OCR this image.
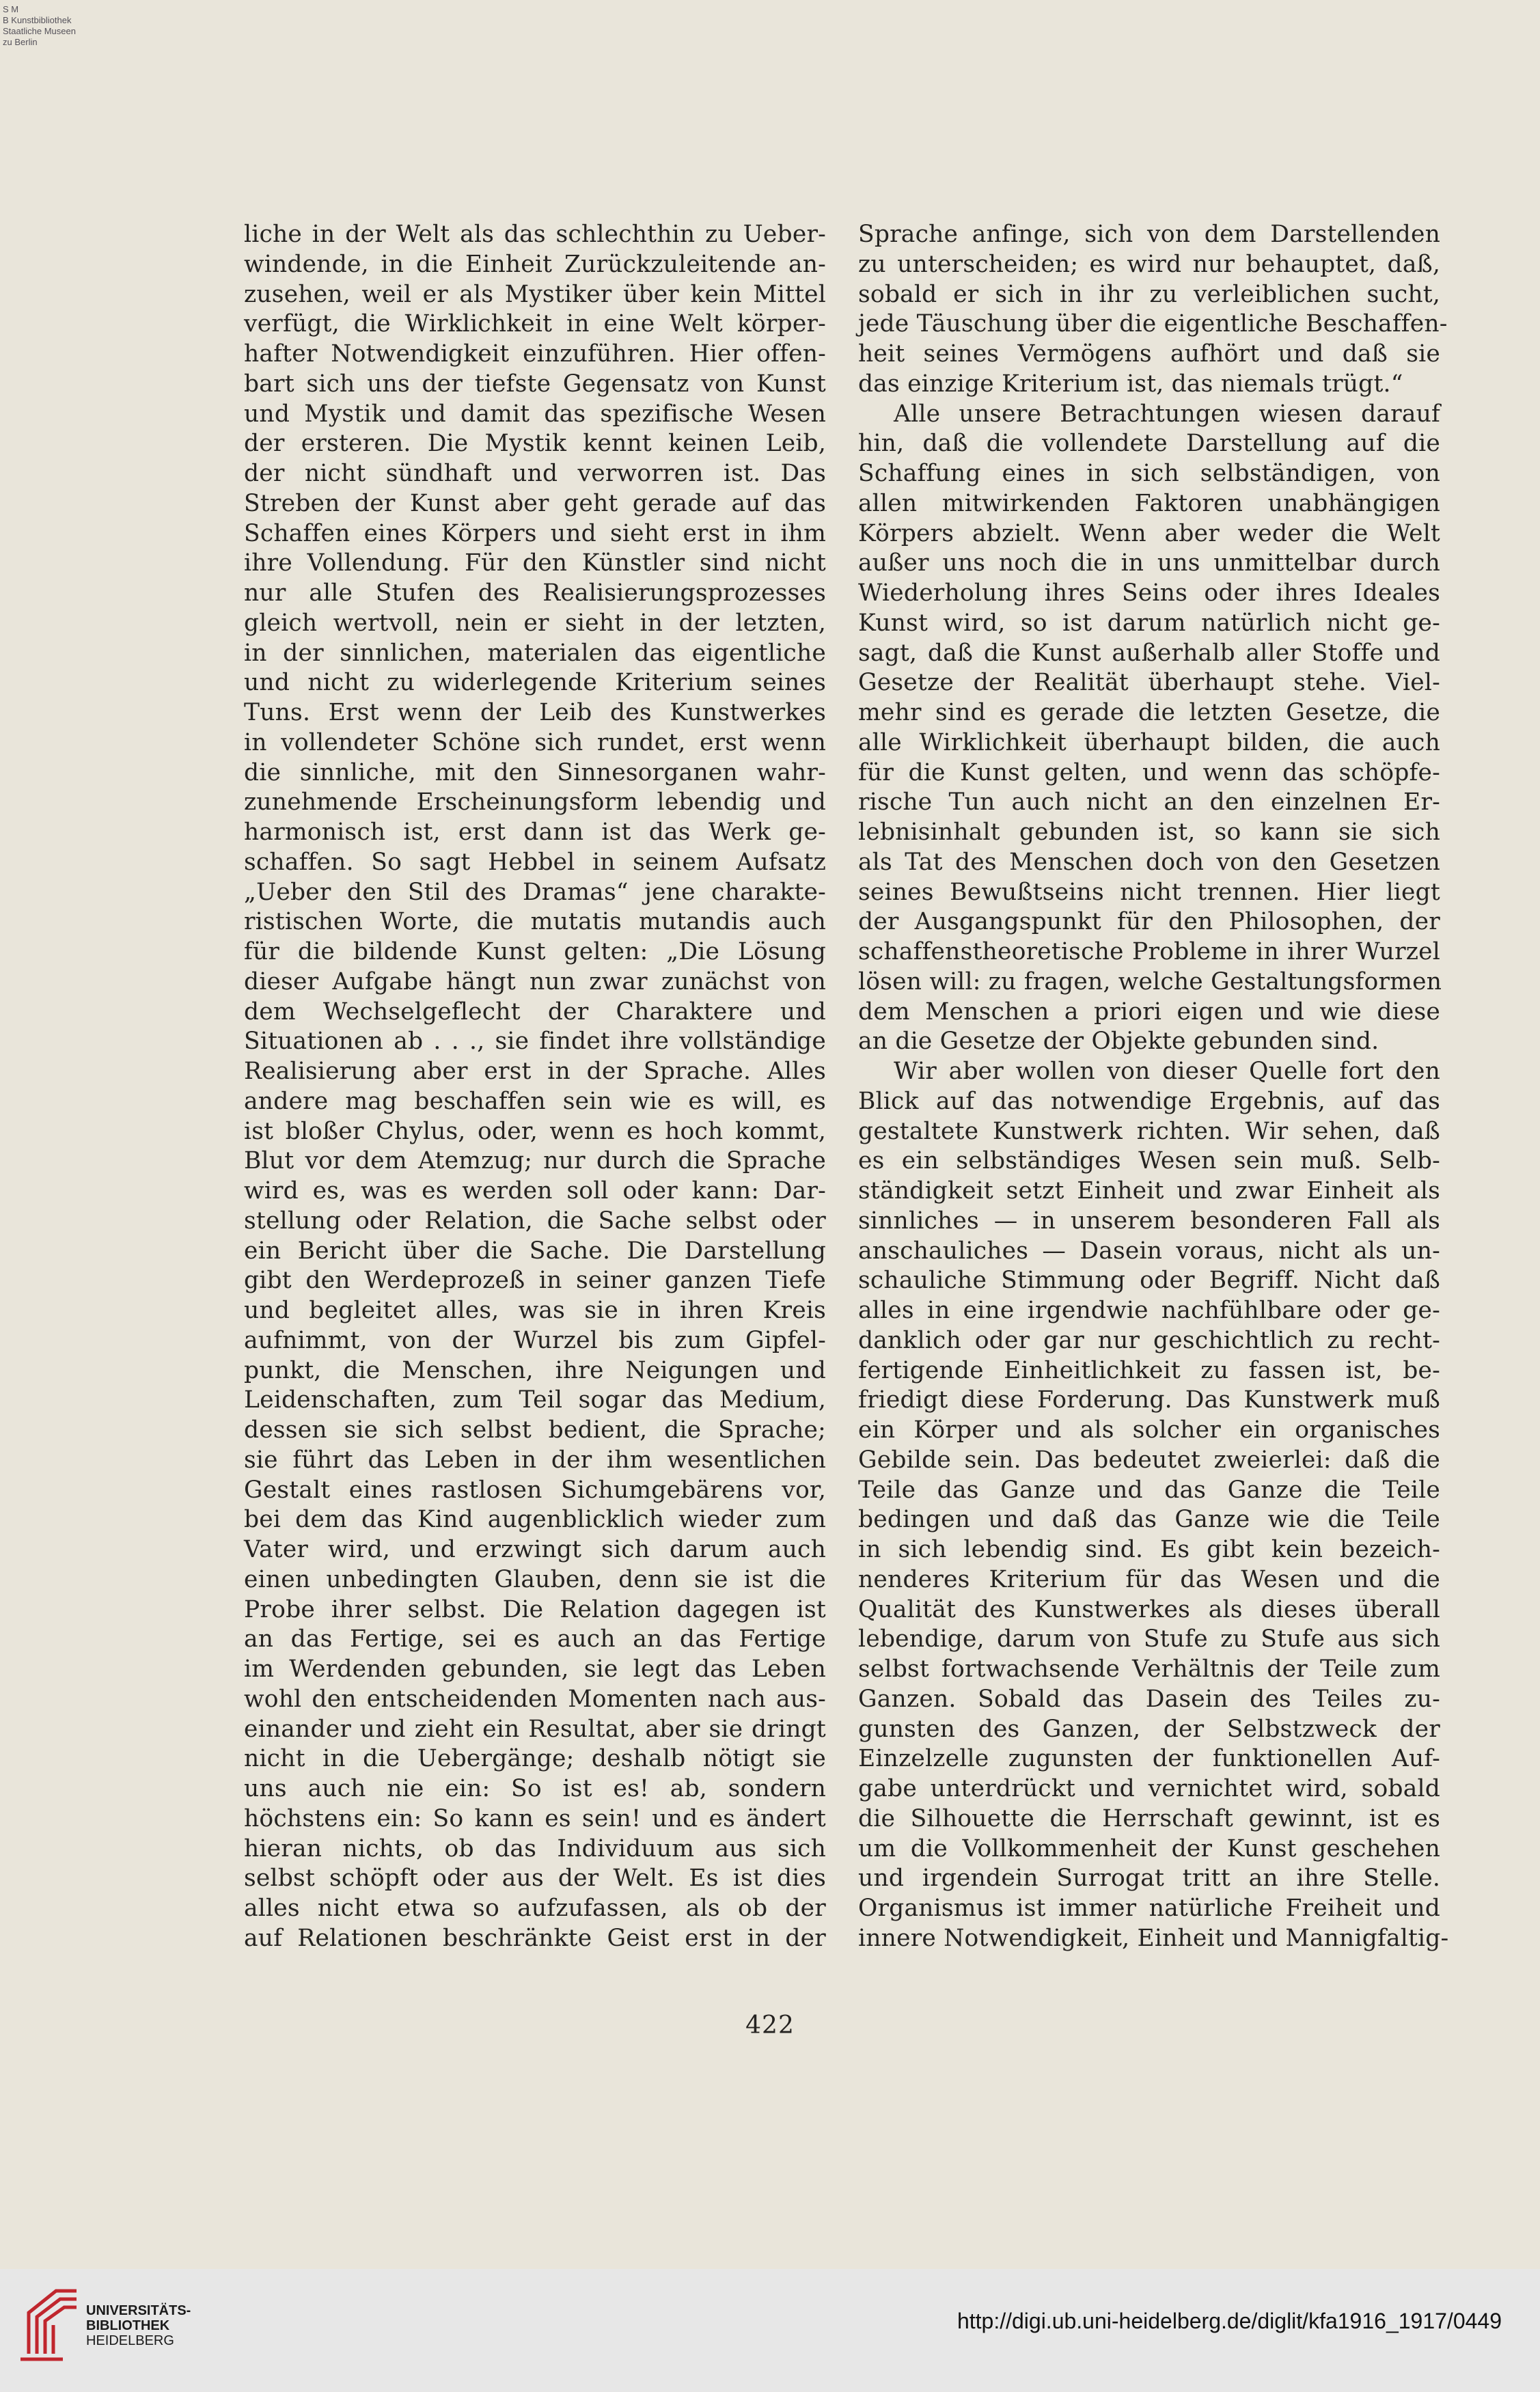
S M
B Kunstbibliothek
Staatliche Museen
zu Berlin
liche in der Welt als das schlechthin zu Ueber-
windende, in die Einheit Zurückzuleitende an-
zusehen, weil er als Mystiker über kein Mittel
verfügt, die Wirklichkeit in eine Welt körper-
hafter Notwendigkeit einzuführen. Hier offen-
bart sich uns der tiefste Gegensatz von Kunst
und Mystik und damit das spezifische Wesen
der ersteren. Die Mystik kennt keinen Leib,
der nicht sündhaft und verworren ist. Das
Streben der Kunst aber geht gerade auf das
Schaffen eines Körpers und sieht erst in ihm
ihre Vollendung. Für den Künstler sind nicht
nur alle Stufen des Realisierungsprozesses
gleich wertvoll, nein er sieht in der letzten,
in der sinnlichen, materialen das eigentliche
und nicht zu widerlegende Kriterium seines
Tuns. Erst wenn der Leib des Kunstwerkes
in vollendeter Schöne sich rundet, erst wenn
die sinnliche, mit den Sinnesorganen wahr-
zunehmende Erscheinungsform lebendig und
harmonisch ist, erst dann ist das Werk ge-
schaffen. So sagt Hebbel in seinem Aufsatz
„Ueber den Stil des Dramas“ jene charakte-
ristischen Worte, die mutatis mutandis auch
für die bildende Kunst gelten: „Die Lösung
dieser Aufgabe hängt nun zwar zunächst von
dem Wechselgeflecht der Charaktere und
Situationen ab . . ., sie findet ihre vollständige
Realisierung aber erst in der Sprache. Alles
andere mag beschaffen sein wie es will, es
ist bloßer Chylus, oder, wenn es hoch kommt,
Blut vor dem Atemzug; nur durch die Sprache
wird es, was es werden soll oder kann: Dar-
stellung oder Relation, die Sache selbst oder
ein Bericht über die Sache. Die Darstellung
gibt den Werdeprozeß in seiner ganzen Tiefe
und begleitet alles, was sie in ihren Kreis
aufnimmt, von der Wurzel bis zum Gipfel-
punkt, die Menschen, ihre Neigungen und
Leidenschaften, zum Teil sogar das Medium,
dessen sie sich selbst bedient, die Sprache;
sie führt das Leben in der ihm wesentlichen
Gestalt eines rastlosen Sichumgebärens vor,
bei dem das Kind augenblicklich wieder zum
Vater wird, und erzwingt sich darum auch
einen unbedingten Glauben, denn sie ist die
Probe ihrer selbst. Die Relation dagegen ist
an das Fertige, sei es auch an das Fertige
im Werdenden gebunden, sie legt das Leben
wohl den entscheidenden Momenten nach aus-
einander und zieht ein Resultat, aber sie dringt
nicht in die Uebergänge; deshalb nötigt sie
uns auch nie ein: So ist es! ab, sondern
höchstens ein: So kann es sein! und es ändert
hieran nichts, ob das Individuum aus sich
selbst schöpft oder aus der Welt. Es ist dies
alles nicht etwa so aufzufassen, als ob der
auf Relationen beschränkte Geist erst in der
Sprache anfinge, sich von dem Darstellenden
zu unterscheiden; es wird nur behauptet, daß,
sobald er sich in ihr zu verleiblichen sucht,
jede Täuschung über die eigentliche Beschaffen-
heit seines Vermögens aufhört und daß sie
das einzige Kriterium ist, das niemals trügt.“
Alle unsere Betrachtungen wiesen darauf
hin, daß die vollendete Darstellung auf die
Schaffung eines in sich selbständigen, von
allen mitwirkenden Faktoren unabhängigen
Körpers abzielt. Wenn aber weder die Welt
außer uns noch die in uns unmittelbar durch
Wiederholung ihres Seins oder ihres Ideales
Kunst wird, so ist darum natürlich nicht ge-
sagt, daß die Kunst außerhalb aller Stoffe und
Gesetze der Realität überhaupt stehe. Viel-
mehr sind es gerade die letzten Gesetze, die
alle Wirklichkeit überhaupt bilden, die auch
für die Kunst gelten, und wenn das schöpfe-
rische Tun auch nicht an den einzelnen Er-
lebnisinhalt gebunden ist, so kann sie sich
als Tat des Menschen doch von den Gesetzen
seines Bewußtseins nicht trennen. Hier liegt
der Ausgangspunkt für den Philosophen, der
schaffenstheoretische Probleme in ihrer Wurzel
lösen will: zu fragen, welche Gestaltungsformen
dem Menschen a priori eigen und wie diese
an die Gesetze der Objekte gebunden sind.
Wir aber wollen von dieser Quelle fort den
Blick auf das notwendige Ergebnis, auf das
gestaltete Kunstwerk richten. Wir sehen, daß
es ein selbständiges Wesen sein muß. Selb-
ständigkeit setzt Einheit und zwar Einheit als
sinnliches — in unserem besonderen Fall als
anschauliches — Dasein voraus, nicht als un-
schauliche Stimmung oder Begriff. Nicht daß
alles in eine irgendwie nachfühlbare oder ge-
danklich oder gar nur geschichtlich zu recht-
fertigende Einheitlichkeit zu fassen ist, be-
friedigt diese Forderung. Das Kunstwerk muß
ein Körper und als solcher ein organisches
Gebilde sein. Das bedeutet zweierlei: daß die
Teile das Ganze und das Ganze die Teile
bedingen und daß das Ganze wie die Teile
in sich lebendig sind. Es gibt kein bezeich-
nenderes Kriterium für das Wesen und die
Qualität des Kunstwerkes als dieses überall
lebendige, darum von Stufe zu Stufe aus sich
selbst fortwachsende Verhältnis der Teile zum
Ganzen. Sobald das Dasein des Teiles zu-
gunsten des Ganzen, der Selbstzweck der
Einzelzelle zugunsten der funktionellen Auf-
gabe unterdrückt und vernichtet wird, sobald
die Silhouette die Herrschaft gewinnt, ist es
um die Vollkommenheit der Kunst geschehen
und irgendein Surrogat tritt an ihre Stelle.
Organismus ist immer natürliche Freiheit und
innere Notwendigkeit, Einheit und Mannigfaltig-
422
UNIVERSITÄTS-
BIBLIOTHEK
HEIDELBERG
http://digi.ub.uni-heidelberg.de/diglit/kfa1916_1917/0449
